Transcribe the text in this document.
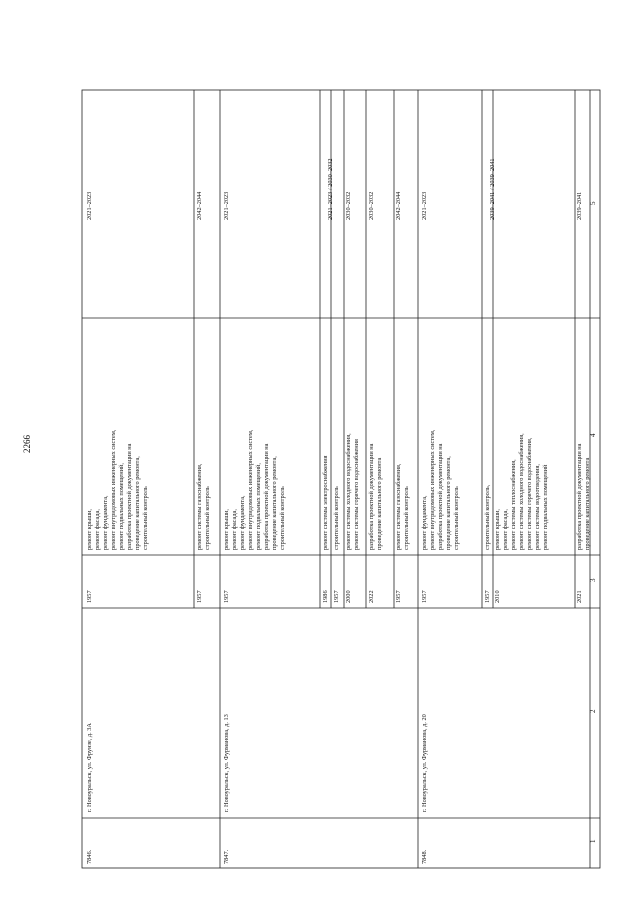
2266
1
2
3
4
5
7846.
г. Новоуральск, ул. Фрунзе, д. 3А
1957
ремонт крыши, ремонт фасада, ремонт фундамента, ремонт внутридомовых инженерных систем, ремонт подвальных помещений, разработка проектной документации на проведение капитального ремонта, строительный контроль
2021–2023
1957
ремонт системы газоснабжения, строительный контроль
2042–2044
7847.
г. Новоуральск, ул. Фурманова, д. 13
1957
ремонт крыши, ремонт фасада, ремонт фундамента, ремонт внутридомовых инженерных систем, ремонт подвальных помещений, разработка проектной документации на проведение капитального ремонта, строительный контроль
2021–2023
1986 1957
ремонт системы электроснабжения строительный контроль
2021–2023 / 2030–2032
2000
ремонт системы холодного водоснабжения, ремонт системы горячего водоснабжения
2030–2032
2022
разработка проектной документации на проведение капитального ремонта
2030–2032
1957
ремонт системы газоснабжения, строительный контроль
2042–2044
7848.
г. Новоуральск, ул. Фурманова, д. 20
1957
ремонт фундамента, ремонт внутридомовых инженерных систем, разработка проектной документации на проведение капитального ремонта, строительный контроль
2021–2023
1957 2010
строительный контроль, ремонт крыши, ремонт фасада, ремонт системы теплоснабжения, ремонт системы холодного водоснабжения, ремонт системы горячего водоснабжения, ремонт системы водоотведения, ремонт подвальных помещений
2039–2041 / 2039–2041
2021
разработка проектной документации на проведение капитального ремонта
2039–2041
